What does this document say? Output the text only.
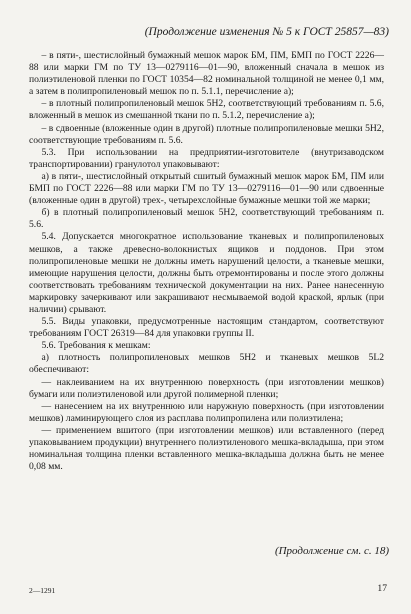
(Продолжение изменения № 5 к ГОСТ 25857—83)

– в пяти-, шестислойный бумажный мешок марок БМ, ПМ, БМП по ГОСТ 2226—88 или марки ГМ по ТУ 13—0279116—01—90, вложенный сначала в мешок из полиэтиленовой пленки по ГОСТ 10354—82 номинальной толщиной не менее 0,1 мм, а затем в полипропиленовый мешок по п. 5.1.1, перечисление а);

– в плотный полипропиленовый мешок 5Н2, соответствующий требованиям п. 5.6, вложенный в мешок из смешанной ткани по п. 5.1.2, перечисление а);

– в сдвоенные (вложенные один в другой) плотные полипропиленовые мешки 5Н2, соответствующие требованиям п. 5.6.

5.3. При использовании на предприятии-изготовителе (внутризаводском транспортировании) гранулотол упаковывают:

а) в пяти-, шестислойный открытый сшитый бумажный мешок марок БМ, ПМ или БМП по ГОСТ 2226—88 или марки ГМ по ТУ 13—0279116—01—90 или сдвоенные (вложенные один в другой) трех-, четырехслойные бумажные мешки той же марки;

б) в плотный полипропиленовый мешок 5Н2, соответствующий требованиям п. 5.6.

5.4. Допускается многократное использование тканевых и полипропиленовых мешков, а также древесно-волокнистых ящиков и поддонов. При этом полипропиленовые мешки не должны иметь нарушений целости, а тканевые мешки, имеющие нарушения целости, должны быть отремонтированы и после этого должны соответствовать требованиям технической документации на них. Ранее нанесенную маркировку зачеркивают или закрашивают несмываемой водой краской, ярлык (при наличии) срывают.

5.5. Виды упаковки, предусмотренные настоящим стандартом, соответствуют требованиям ГОСТ 26319—84 для упаковки группы II.

5.6. Требования к мешкам:

а) плотность полипропиленовых мешков 5Н2 и тканевых мешков 5L2 обеспечивают:

— наклеиванием на их внутреннюю поверхность (при изготовлении мешков) бумаги или полиэтиленовой или другой полимерной пленки;

— нанесением на их внутреннюю или наружную поверхность (при изготовлении мешков) ламинирующего слоя из расплава полипропилена или полиэтилена;

— применением вшитого (при изготовлении мешков) или вставленного (перед упаковыванием продукции) внутреннего полиэтиленового мешка-вкладыша, при этом номинальная толщина пленки вставленного мешка-вкладыша должна быть не менее 0,08 мм.

(Продолжение см. с. 18)
2—1291	17
